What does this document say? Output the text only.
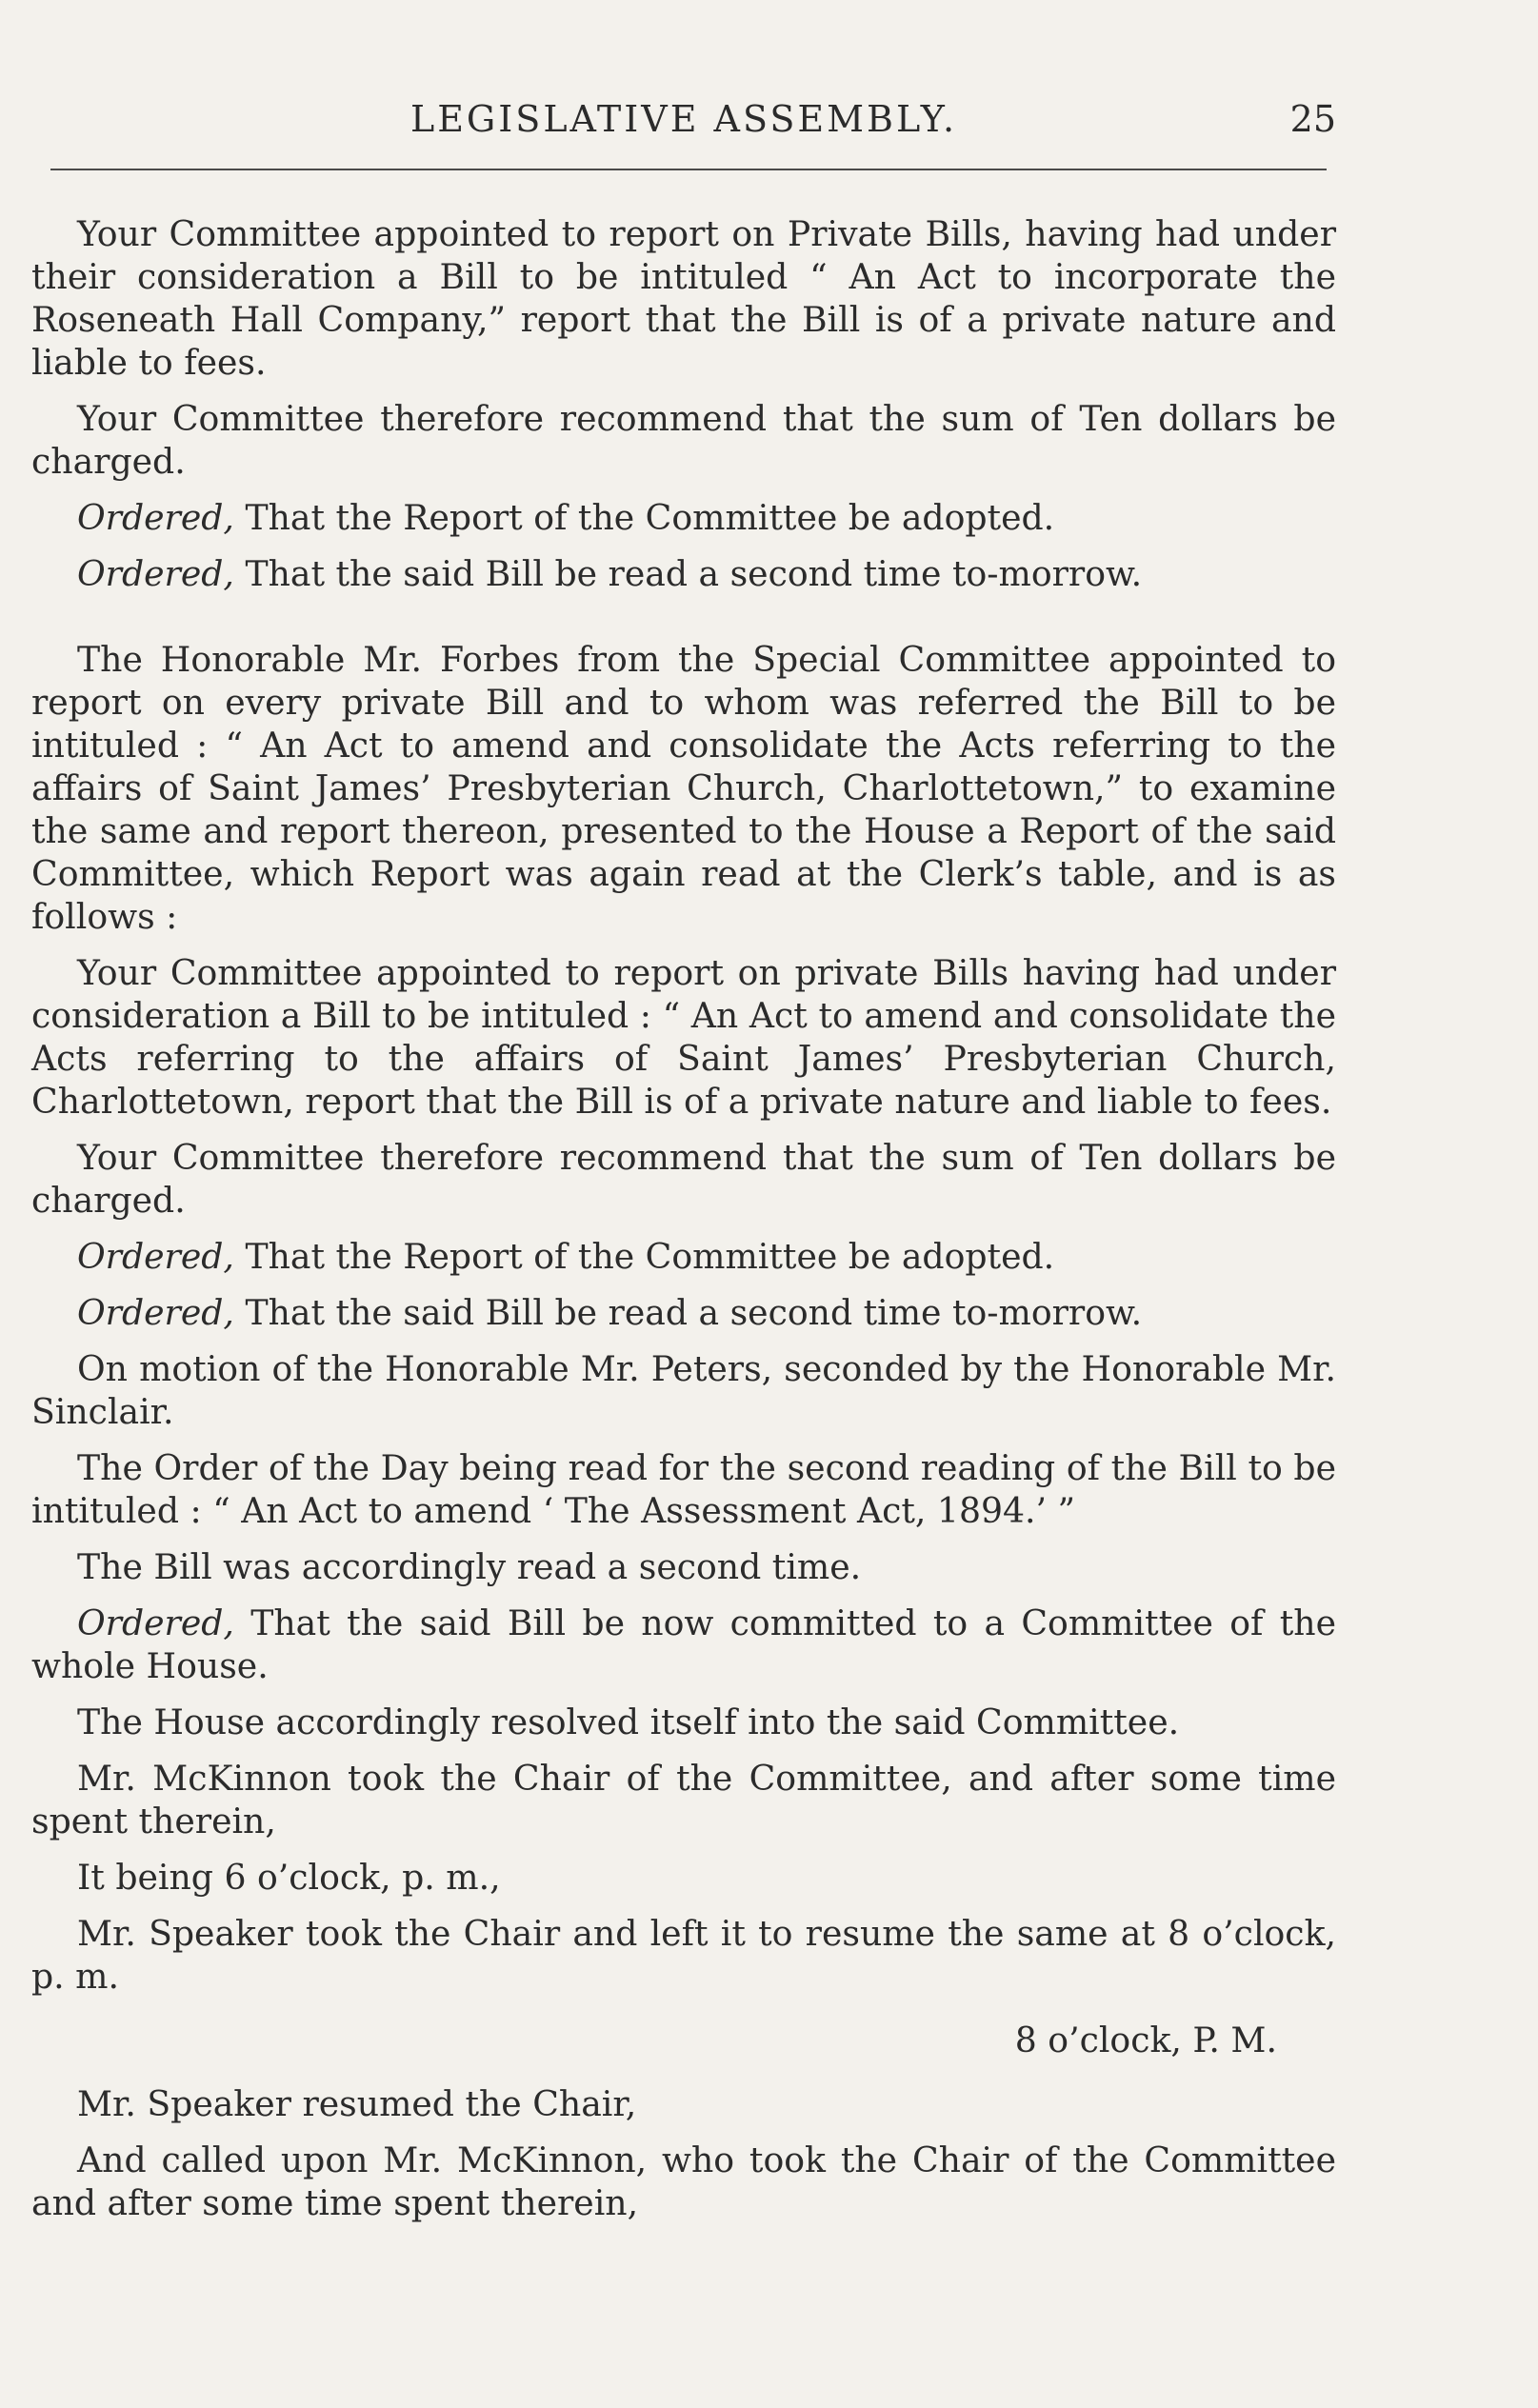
LEGISLATIVE ASSEMBLY.	25

Your Committee appointed to report on Private Bills, having had under their consideration a Bill to be intituled “ An Act to incorporate the Roseneath Hall Company,” report that the Bill is of a private nature and liable to fees.

Your Committee therefore recommend that the sum of Ten dollars be charged.

Ordered, That the Report of the Committee be adopted.

Ordered, That the said Bill be read a second time to-morrow.

The Honorable Mr. Forbes from the Special Committee appointed to report on every private Bill and to whom was referred the Bill to be intituled : “ An Act to amend and consolidate the Acts referring to the affairs of Saint James’ Presbyterian Church, Charlottetown,” to examine the same and report thereon, presented to the House a Report of the said Committee, which Report was again read at the Clerk’s table, and is as follows :

Your Committee appointed to report on private Bills having had under consideration a Bill to be intituled : “ An Act to amend and consolidate the Acts referring to the affairs of Saint James’ Presbyterian Church, Charlottetown, report that the Bill is of a private nature and liable to fees.

Your Committee therefore recommend that the sum of Ten dollars be charged.

Ordered, That the Report of the Committee be adopted.

Ordered, That the said Bill be read a second time to-morrow.

On motion of the Honorable Mr. Peters, seconded by the Honorable Mr. Sinclair.

The Order of the Day being read for the second reading of the Bill to be intituled : “ An Act to amend ‘ The Assessment Act, 1894.’ ”

The Bill was accordingly read a second time.

Ordered, That the said Bill be now committed to a Committee of the whole House.

The House accordingly resolved itself into the said Committee.

Mr. McKinnon took the Chair of the Committee, and after some time spent therein,

It being 6 o’clock, p. m.,

Mr. Speaker took the Chair and left it to resume the same at 8 o’clock, p. m.

8 o’clock, P. M.

Mr. Speaker resumed the Chair,

And called upon Mr. McKinnon, who took the Chair of the Committee and after some time spent therein,
